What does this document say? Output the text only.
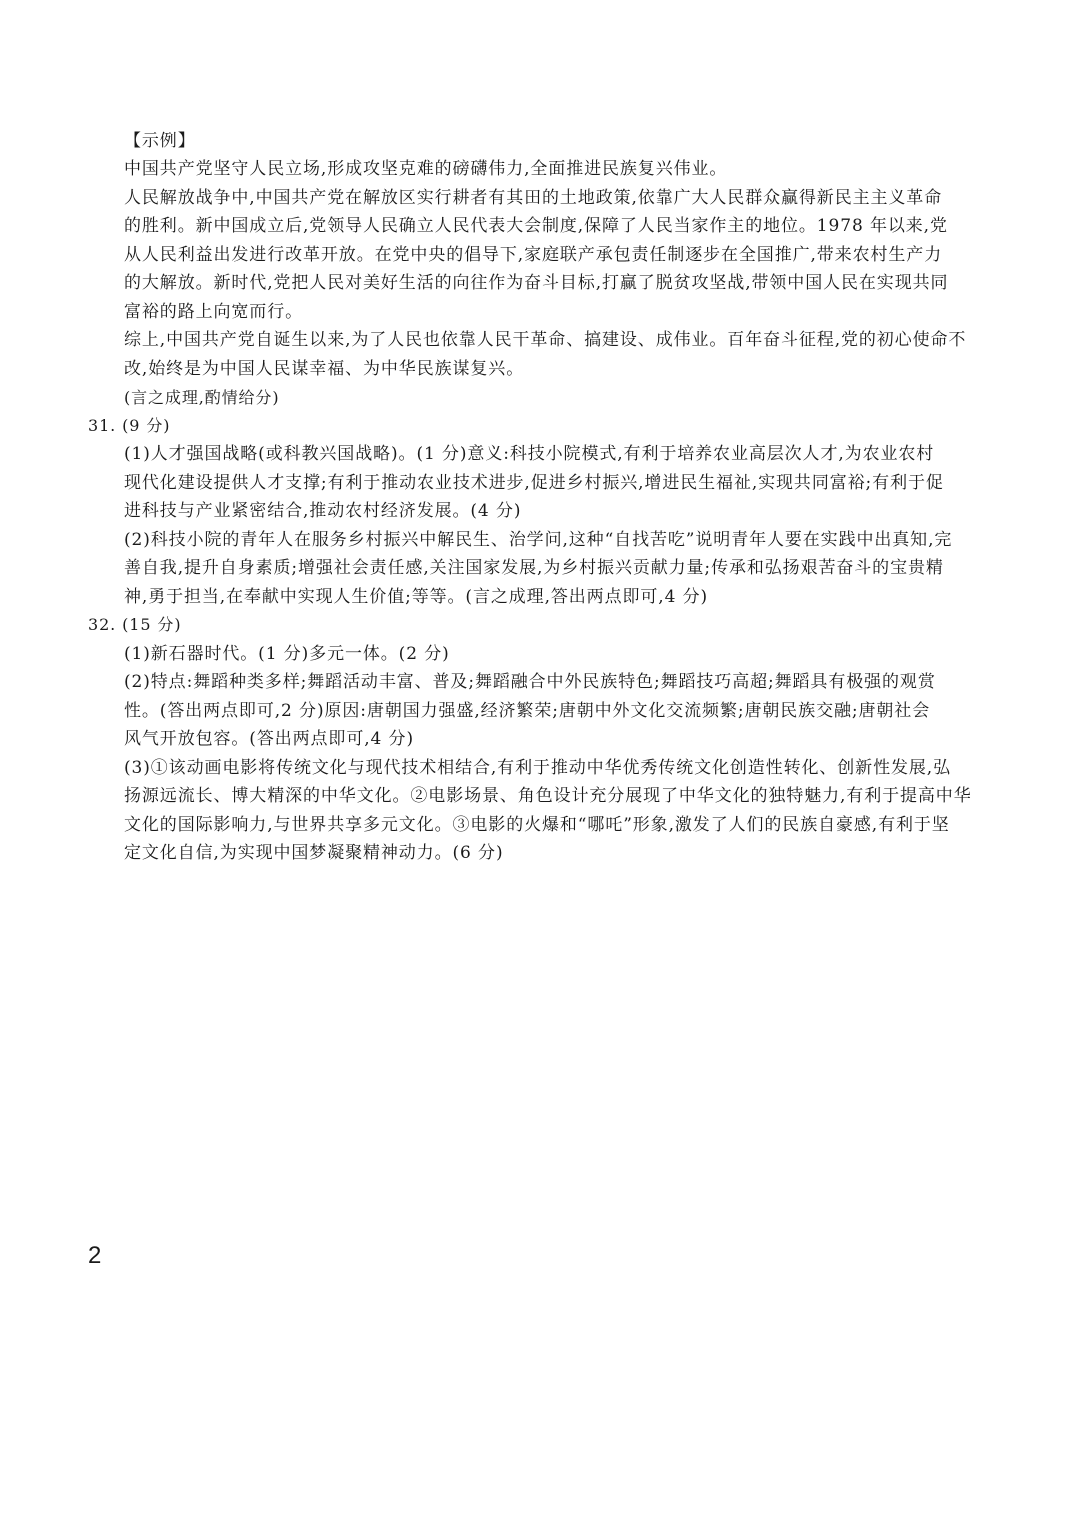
【示例】
中国共产党坚守人民立场,形成攻坚克难的磅礴伟力,全面推进民族复兴伟业。
人民解放战争中,中国共产党在解放区实行耕者有其田的土地政策,依靠广大人民群众赢得新民主主义革命
的胜利。新中国成立后,党领导人民确立人民代表大会制度,保障了人民当家作主的地位。1978 年以来,党
从人民利益出发进行改革开放。在党中央的倡导下,家庭联产承包责任制逐步在全国推广,带来农村生产力
的大解放。新时代,党把人民对美好生活的向往作为奋斗目标,打赢了脱贫攻坚战,带领中国人民在实现共同
富裕的路上向宽而行。
综上,中国共产党自诞生以来,为了人民也依靠人民干革命、搞建设、成伟业。百年奋斗征程,党的初心使命不
改,始终是为中国人民谋幸福、为中华民族谋复兴。
(言之成理,酌情给分)
31. (9 分)
(1)人才强国战略(或科教兴国战略)。(1 分)意义:科技小院模式,有利于培养农业高层次人才,为农业农村
现代化建设提供人才支撑;有利于推动农业技术进步,促进乡村振兴,增进民生福祉,实现共同富裕;有利于促
进科技与产业紧密结合,推动农村经济发展。(4 分)
(2)科技小院的青年人在服务乡村振兴中解民生、治学问,这种“自找苦吃”说明青年人要在实践中出真知,完
善自我,提升自身素质;增强社会责任感,关注国家发展,为乡村振兴贡献力量;传承和弘扬艰苦奋斗的宝贵精
神,勇于担当,在奉献中实现人生价值;等等。(言之成理,答出两点即可,4 分)
32. (15 分)
(1)新石器时代。(1 分)多元一体。(2 分)
(2)特点:舞蹈种类多样;舞蹈活动丰富、普及;舞蹈融合中外民族特色;舞蹈技巧高超;舞蹈具有极强的观赏
性。(答出两点即可,2 分)原因:唐朝国力强盛,经济繁荣;唐朝中外文化交流频繁;唐朝民族交融;唐朝社会
风气开放包容。(答出两点即可,4 分)
(3)①该动画电影将传统文化与现代技术相结合,有利于推动中华优秀传统文化创造性转化、创新性发展,弘
扬源远流长、博大精深的中华文化。②电影场景、角色设计充分展现了中华文化的独特魅力,有利于提高中华
文化的国际影响力,与世界共享多元文化。③电影的火爆和“哪吒”形象,激发了人们的民族自豪感,有利于坚
定文化自信,为实现中国梦凝聚精神动力。(6 分)
2
